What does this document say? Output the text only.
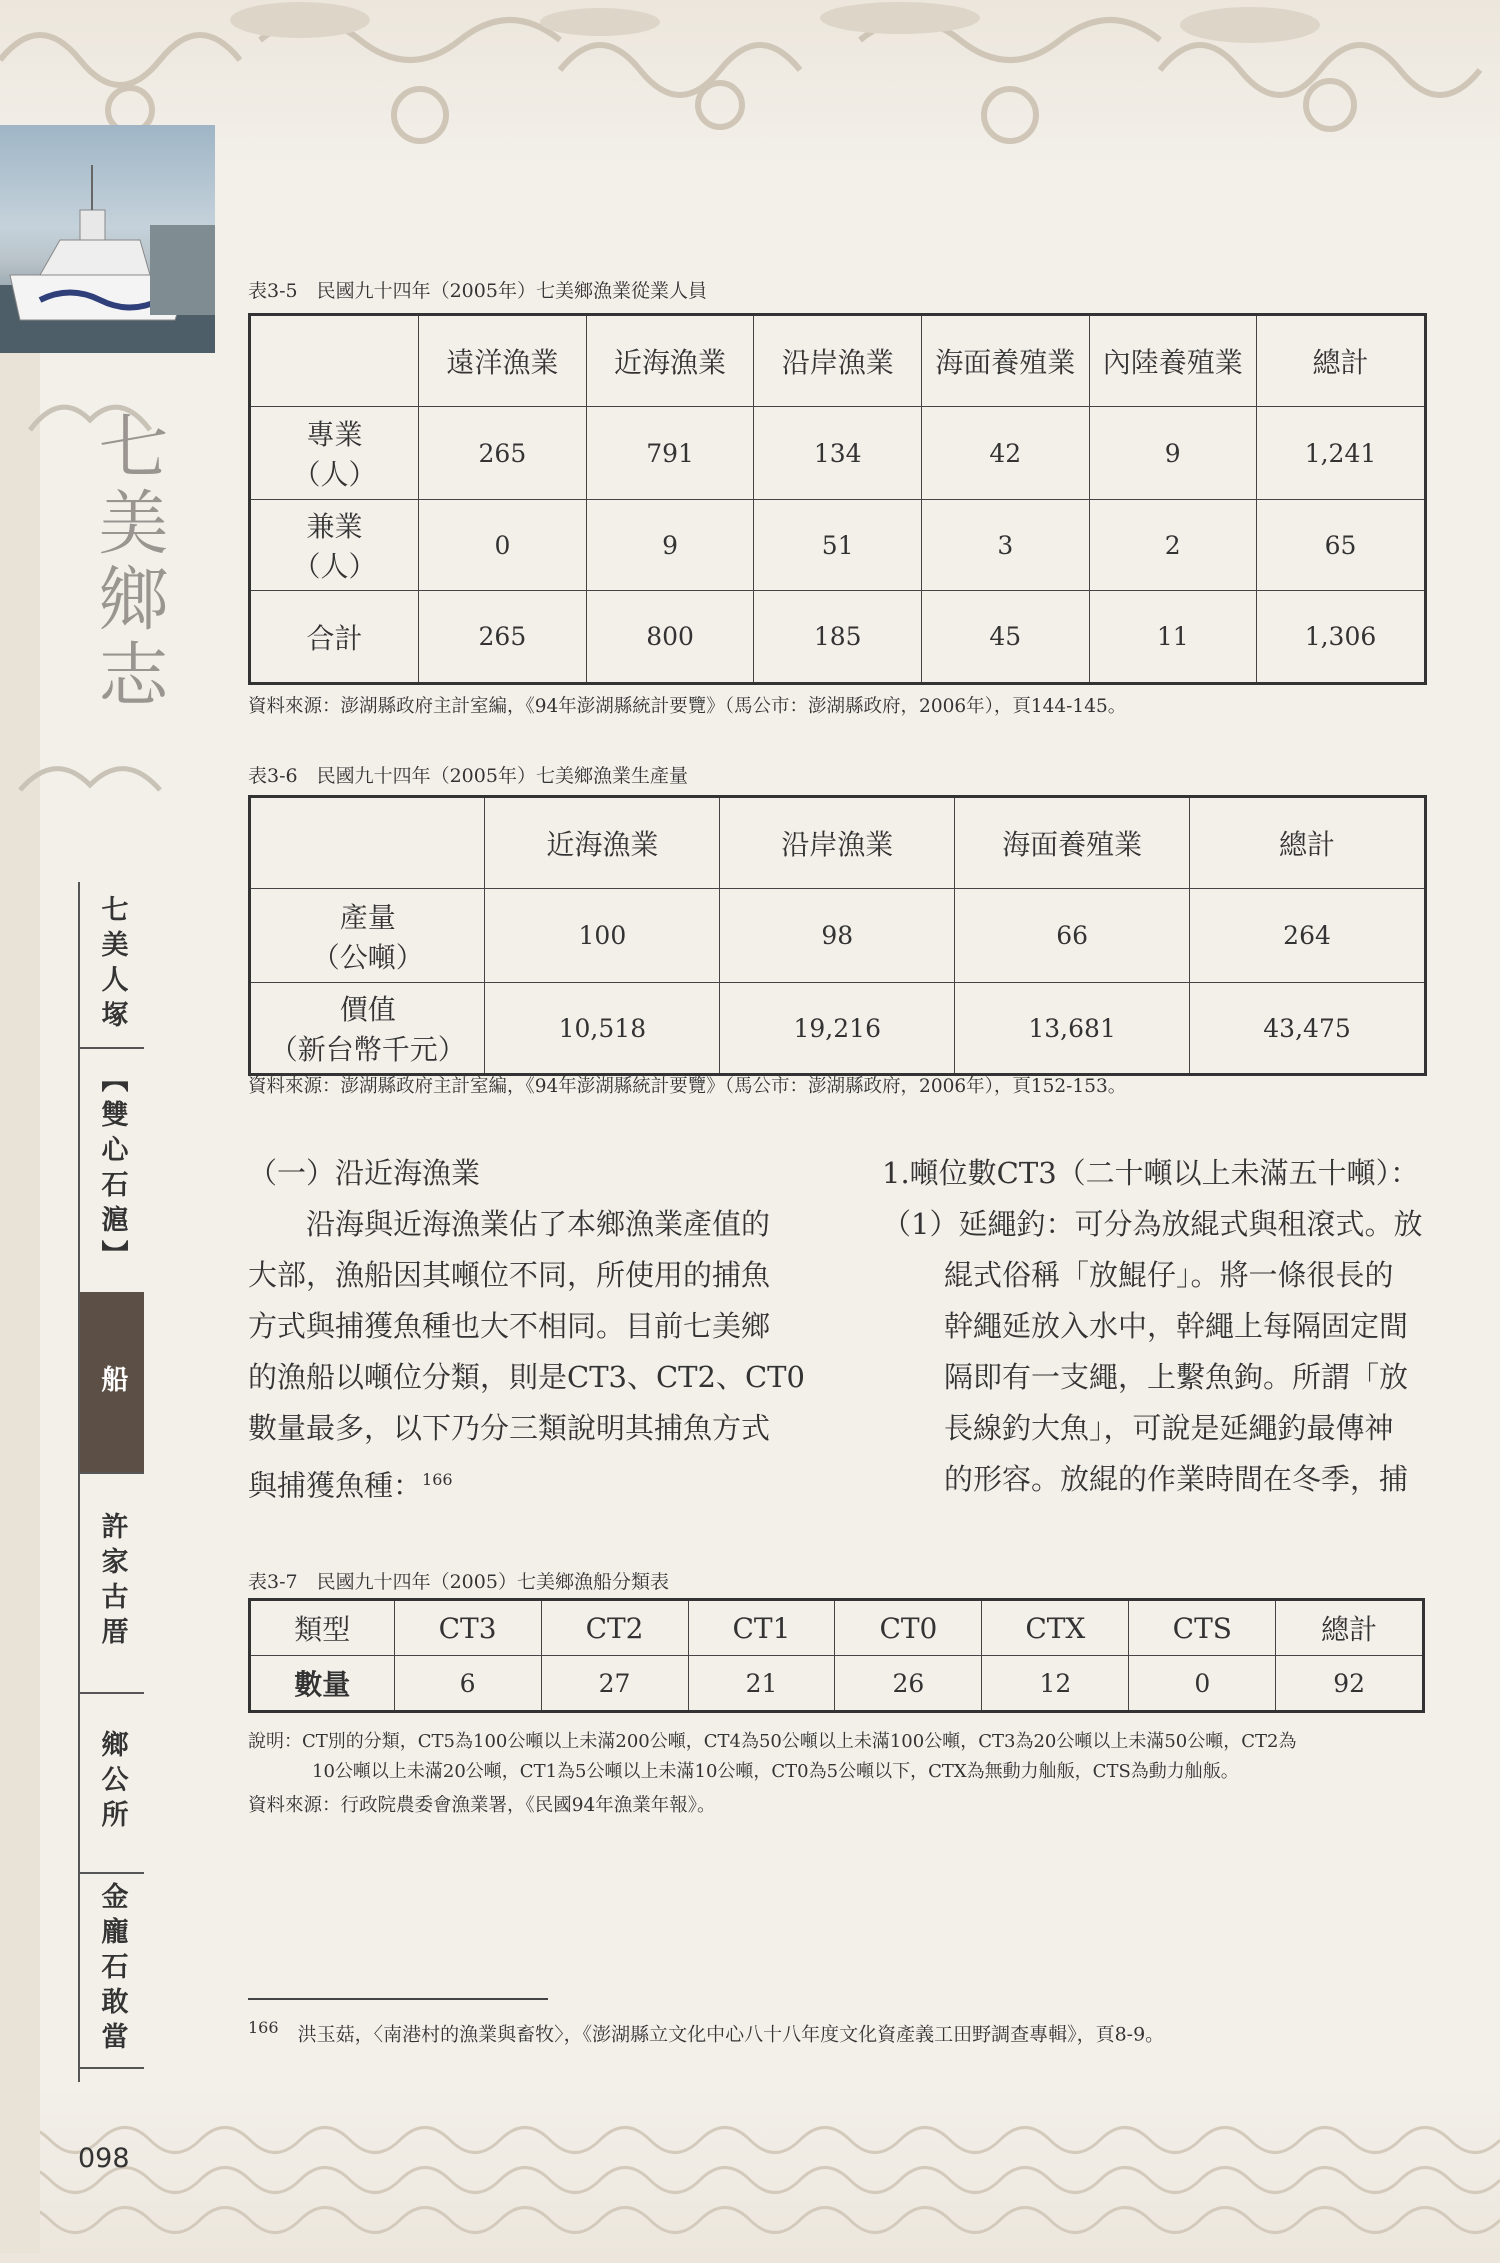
七美鄉志
七美人塚
【雙心石滬】
船
許家古厝
鄉公所
金龐石敢當
098
表3-5　民國九十四年（2005年）七美鄉漁業從業人員
	遠洋漁業	近海漁業	沿岸漁業	海面養殖業	內陸養殖業	總計

專業
（人）	265	791	134	42	9	1,241

兼業
（人）	0	9	51	3	2	65

合計	265	800	185	45	11	1,306
資料來源：澎湖縣政府主計室編，《94年澎湖縣統計要覽》（馬公市：澎湖縣政府，2006年），頁144-145。
表3-6　民國九十四年（2005年）七美鄉漁業生產量
	近海漁業	沿岸漁業	海面養殖業	總計

產量
（公噸）	100	98	66	264

價值
（新台幣千元）	10,518	19,216	13,681	43,475
資料來源：澎湖縣政府主計室編，《94年澎湖縣統計要覽》（馬公市：澎湖縣政府，2006年），頁152-153。
（一）沿近海漁業
　　沿海與近海漁業佔了本鄉漁業產值的
大部，漁船因其噸位不同，所使用的捕魚
方式與捕獲魚種也大不相同。目前七美鄉
的漁船以噸位分類，則是CT3、CT2、CT0
數量最多，以下乃分三類說明其捕魚方式
與捕獲魚種：$^{166}$
1.噸位數CT3（二十噸以上未滿五十噸）：
（1）延繩釣：可分為放緄式與租滾式。放
緄式俗稱「放鯤仔」。將一條很長的
幹繩延放入水中，幹繩上每隔固定間
隔即有一支繩，上繫魚鉤。所謂「放
長線釣大魚」，可說是延繩釣最傳神
的形容。放緄的作業時間在冬季，捕
表3-7　民國九十四年（2005）七美鄉漁船分類表
類型	CT3	CT2	CT1	CT0	CTX	CTS	總計
數量	6	27	21	26	12	0	92
說明：CT別的分類，CT5為100公噸以上未滿200公噸，CT4為50公噸以上未滿100公噸，CT3為20公噸以上未滿50公噸，CT2為
10公噸以上未滿20公噸，CT1為5公噸以上未滿10公噸，CT0為5公噸以下，CTX為無動力舢舨，CTS為動力舢舨。
資料來源：行政院農委會漁業署，《民國94年漁業年報》。
$^{166}$　 洪玉菇，〈南港村的漁業與畜牧〉，《澎湖縣立文化中心八十八年度文化資產義工田野調查專輯》，頁8-9。
